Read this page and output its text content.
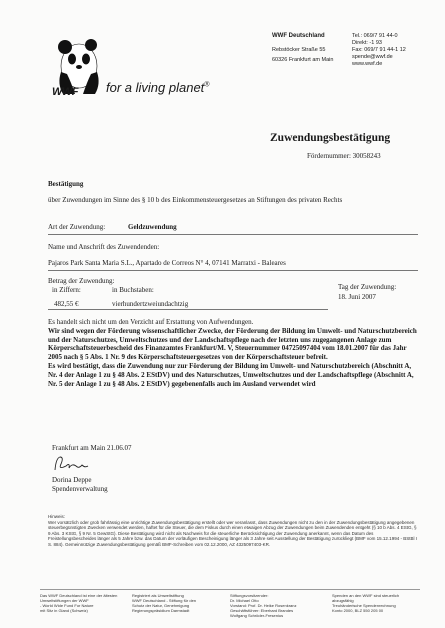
WWF for a living planet®
WWF Deutschland
Rebstöcker Straße 55
60326 Frankfurt am Main
Tel.: 069/7 91 44-0
Direkt: -1 93
Fax: 069/7 91 44-1 12
spende@wwf.de
www.wwf.de
Zuwendungsbestätigung
Fördernummer: 30058243
Bestätigung
über Zuwendungen im Sinne des § 10 b des Einkommensteuergesetzes an Stiftungen des privaten Rechts
Art der Zuwendung:	Geldzuwendung
Name und Anschrift des Zuwendenden:
Pajaros Park Santa Maria S.L., Apartado de Correos N° 4, 07141 Marratxi - Baleares
Betrag der Zuwendung:
in Ziffern:
482,55 €
in Buchstaben:
vierhundertzweiundachtzig
Tag der Zuwendung:
18. Juni 2007

Es handelt sich nicht um den Verzicht auf Erstattung von Aufwendungen.

Wir sind wegen der Förderung wissenschaftlicher Zwecke, der Förderung der Bildung im Umwelt- und Naturschutzbereich und der Naturschutzes, Umweltschutzes und der Landschaftspflege nach der letzten uns zugegangenen Anlage zum Körperschaftsteuerbescheid des Finanzamtes Frankfurt/M. V, Steuernummer 04725097404 vom 18.01.2007 für das Jahr 2005 nach § 5 Abs. 1 Nr. 9 des Körperschaftsteuergesetzes von der Körperschaftsteuer befreit.

Es wird bestätigt, dass die Zuwendung nur zur Förderung der Bildung im Umwelt- und Naturschutzbereich (Abschnitt A, Nr. 4 der Anlage 1 zu § 48 Abs. 2 EStDV) und des Naturschutzes, Umweltschutzes und der Landschaftspflege (Abschnitt A, Nr. 5 der Anlage 1 zu § 48 Abs. 2 EStDV) gegebenenfalls auch im Ausland verwendet wird

Frankfurt am Main 21.06.07
Dorina Deppe
Spendenverwaltung
Hinweis:
Wer vorsätzlich oder grob fahrlässig eine unrichtige Zuwendungsbestätigung erstellt oder wer veranlasst, dass Zuwendungen nicht zu den in der Zuwendungsbestätigung angegebenen steuerbegünstigten Zwecken verwendet werden, haftet für die Steuer, die dem Fiskus durch einen etwaigen Abzug der Zuwendungen beim Zuwendenden entgeht (§ 10 b Abs. 4 EStG, § 9 Abs. 3 KStG, § 9 Nr. 5 GewStG). Diese Bestätigung wird nicht als Nachweis für die steuerliche Berücksichtigung der Zuwendung anerkannt, wenn das Datum des Freistellungsbescheides länger als 5 Jahre bzw. das Datum der vorläufigen Bescheinigung länger als 3 Jahre seit Ausstellung der Bestätigung zurückliegt (BMF vom 15.12.1994 - BStBl I S. 884). Gemeinnützige Zuwendungsbestätigung gemäß BMF-Schreiben vom 02.12.2000, AZ 4325097403-KR.
Das WWF Deutschland ist eine der ältesten
Umweltstiftungen der WWF
- World Wide Fund For Nature
mit Sitz in Gland (Schweiz)
Registriert als Umweltstiftung
WWF Deutschland - Stiftung für den
Schutz der Natur, Genehmigung
Regierungspräsidium Darmstadt
Stiftungsvorsitzender:
Dr. Michael Otto
Vorstand: Prof. Dr. Heike Rosenkranz
Geschäftsführer: Eberhard Brandes
Wolfgang Schröder-Fresenius
Spenden an den WWF sind steuerlich
abzugsfähig
Treuhänderische Spendenrechnung
Konto 2000, BLZ 550 205 00
